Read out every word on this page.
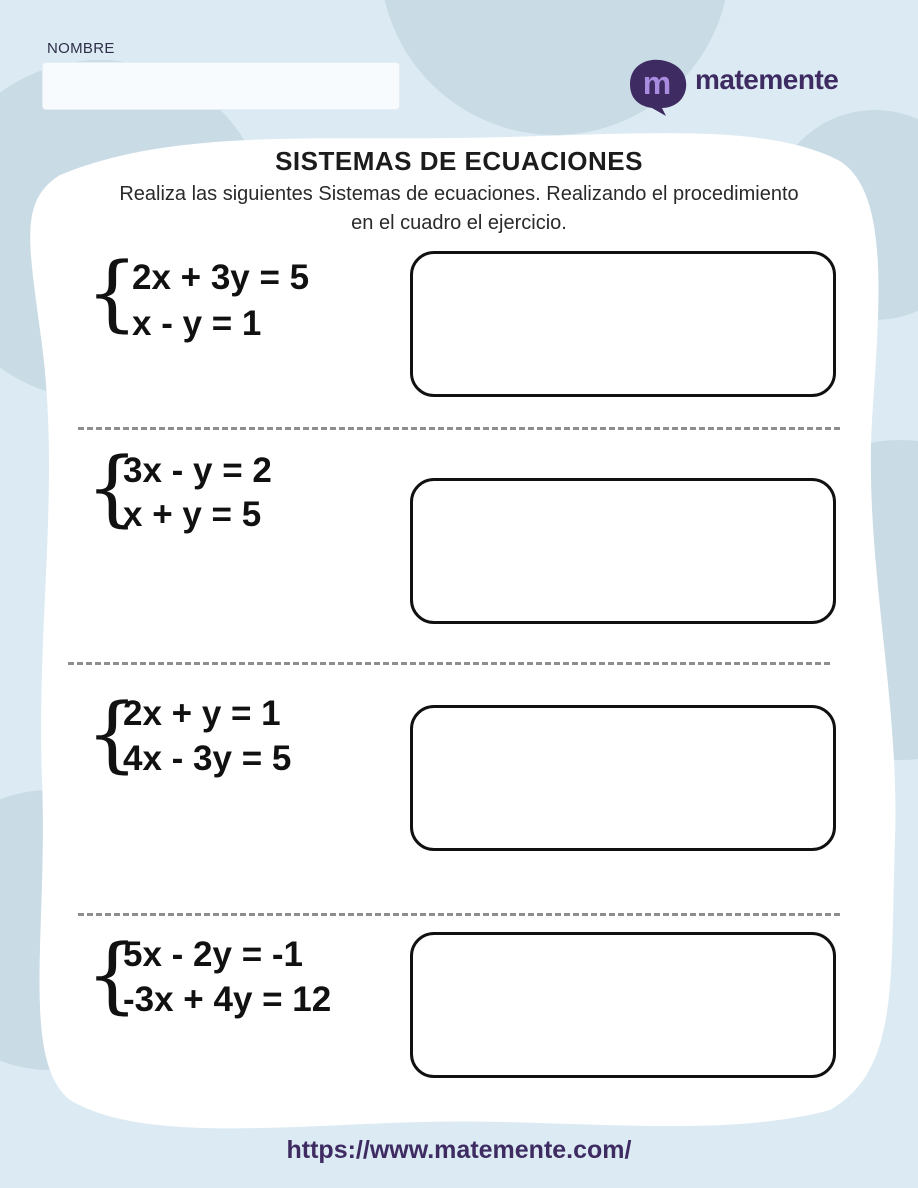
NOMBRE
m matemente
SISTEMAS DE ECUACIONES
Realiza las siguientes Sistemas de ecuaciones. Realizando el procedimiento en el cuadro el ejercicio.
{
2x + 3y = 5
x - y = 1
{
3x - y = 2
x + y = 5
{
2x + y = 1
4x - 3y = 5
{
5x - 2y = -1
-3x + 4y = 12
https://www.matemente.com/
